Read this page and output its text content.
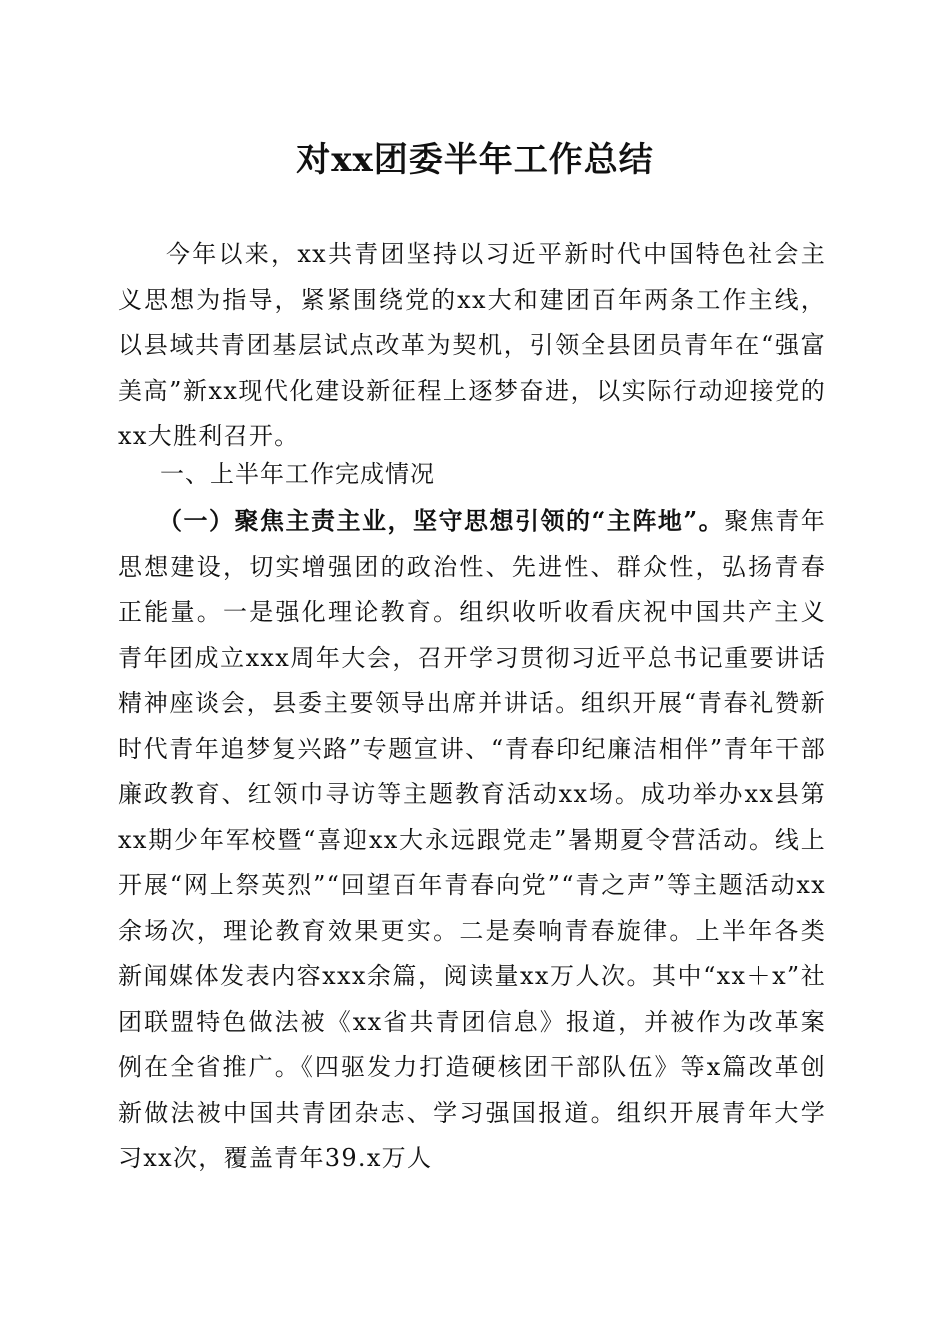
对xx团委半年工作总结

今年以来，xx共青团坚持以习近平新时代中国特色社会主义思想为指导，紧紧围绕党的xx大和建团百年两条工作主线，以县域共青团基层试点改革为契机，引领全县团员青年在“强富美高”新xx现代化建设新征程上逐梦奋进，以实际行动迎接党的xx大胜利召开。

一、上半年工作完成情况

（一）聚焦主责主业，坚守思想引领的“主阵地”。聚焦青年思想建设，切实增强团的政治性、先进性、群众性，弘扬青春正能量。一是强化理论教育。组织收听收看庆祝中国共产主义青年团成立xxx周年大会，召开学习贯彻习近平总书记重要讲话精神座谈会，县委主要领导出席并讲话。组织开展“青春礼赞新时代青年追梦复兴路”专题宣讲、“青春印纪廉洁相伴”青年干部廉政教育、红领巾寻访等主题教育活动xx场。成功举办xx县第xx期少年军校暨“喜迎xx大永远跟党走”暑期夏令营活动。线上开展“网上祭英烈”“回望百年青春向党”“青之声”等主题活动xx余场次，理论教育效果更实。二是奏响青春旋律。上半年各类新闻媒体发表内容xxx余篇，阅读量xx万人次。其中“xx＋x”社团联盟特色做法被《xx省共青团信息》报道，并被作为改革案例在全省推广。《四驱发力打造硬核团干部队伍》等x篇改革创新做法被中国共青团杂志、学习强国报道。组织开展青年大学习xx次，覆盖青年39.x万人
